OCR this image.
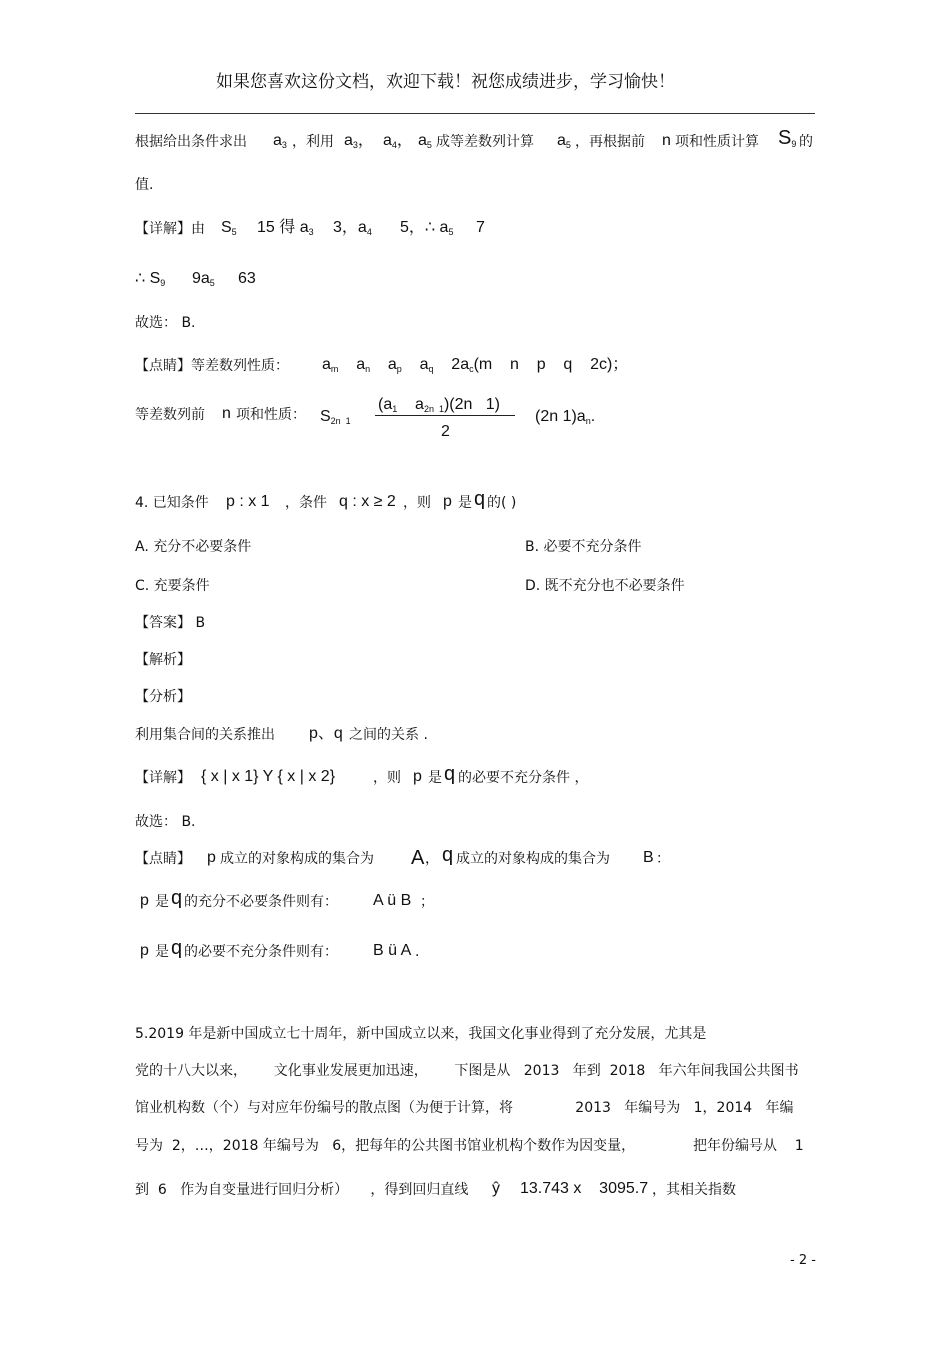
如果您喜欢这份文档，欢迎下载！祝您成绩进步，学习愉快！
根据给出条件求出 $a_3$ ，利用 $a_3$， $a_4$， $a_5$ 成等差数列计算 $a_5$ ，再根据前 n 项和性质计算 $S_9$ 的
值.
【详解】由 $S_5$ 15 得 $a_3$ 3，$a_4$ 5，∴ $a_5$ 7
∴ $S_9$ $9a_5$ 63
故选： B.
【点睛】等差数列性质： $a_m$    $a_n$    $a_p$    $a_q$    $2a_c(m$    n    p    q    2c)；
等差数列前 n 项和性质： $S_{2n 1}$
($a_1$    $a_{2n 1})(2n$   1)
2
(2n $1)a_n$.
4. 已知条件 p : x 1 ，条件 q : x ≥ 2 ，则 p 是 q 的( )
A. 充分不必要条件	B. 必要不充分条件
C. 充要条件	D. 既不充分也不必要条件
【答案】 B
【解析】
【分析】
利用集合间的关系推出 p、q 之间的关系 .
【详解】 { x | x 1} Y { x | x 2}	，则 p 是 q 的必要不充分条件 ，
故选： B.
【点睛】 p 成立的对象构成的集合为 A ， q 成立的对象构成的集合为 B ：
p 是 q 的充分不必要条件则有： A ü B ；
p 是 q 的必要不充分条件则有： B ü A .
5.2019 年是新中国成立七十周年，新中国成立以来，我国文化事业得到了充分发展，尤其是
党的十八大以来，      文化事业发展更加迅速，      下图是从   2013   年到  2018   年六年间我国公共图书
馆业机构数（个）与对应年份编号的散点图（为便于计算，将              2013   年编号为   1，2014   年编
号为  2，…，2018 年编号为   6，把每年的公共图书馆业机构个数作为因变量，             把年份编号从    1
到  6   作为自变量进行回归分析）     ，得到回归直线 ŷ 13.743 x    3095.7 ，其相关指数
- 2 -
